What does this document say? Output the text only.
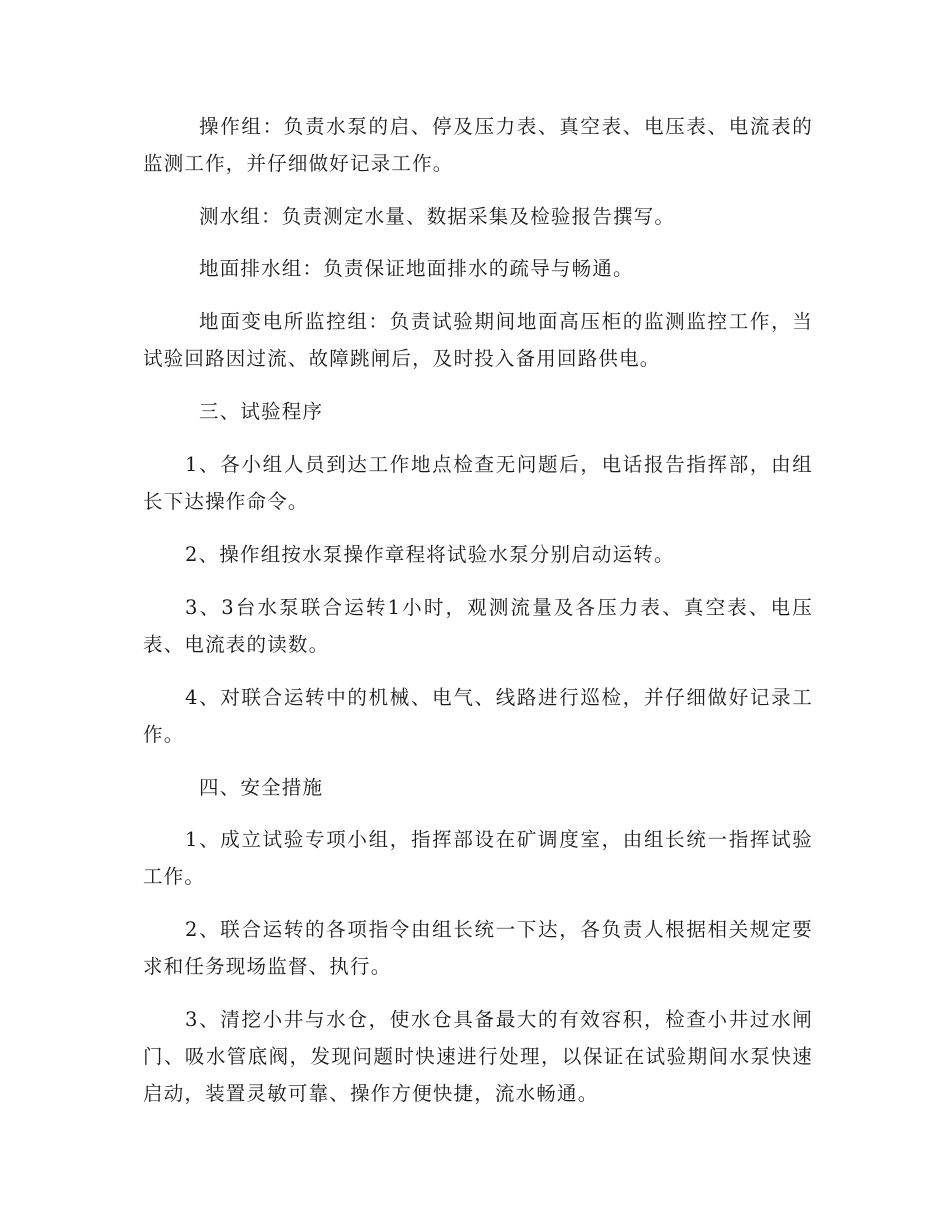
操作组：负责水泵的启、停及压力表、真空表、电压表、电流表的监测工作，并仔细做好记录工作。

测水组：负责测定水量、数据采集及检验报告撰写。

地面排水组：负责保证地面排水的疏导与畅通。

地面变电所监控组：负责试验期间地面高压柜的监测监控工作，当试验回路因过流、故障跳闸后，及时投入备用回路供电。

三、试验程序

1、各小组人员到达工作地点检查无问题后，电话报告指挥部，由组长下达操作命令。

2、操作组按水泵操作章程将试验水泵分别启动运转。

3、3台水泵联合运转1小时，观测流量及各压力表、真空表、电压表、电流表的读数。

4、对联合运转中的机械、电气、线路进行巡检，并仔细做好记录工作。

四、安全措施

1、成立试验专项小组，指挥部设在矿调度室，由组长统一指挥试验工作。

2、联合运转的各项指令由组长统一下达，各负责人根据相关规定要求和任务现场监督、执行。

3、清挖小井与水仓，使水仓具备最大的有效容积，检查小井过水闸门、吸水管底阀，发现问题时快速进行处理，以保证在试验期间水泵快速启动，装置灵敏可靠、操作方便快捷，流水畅通。
